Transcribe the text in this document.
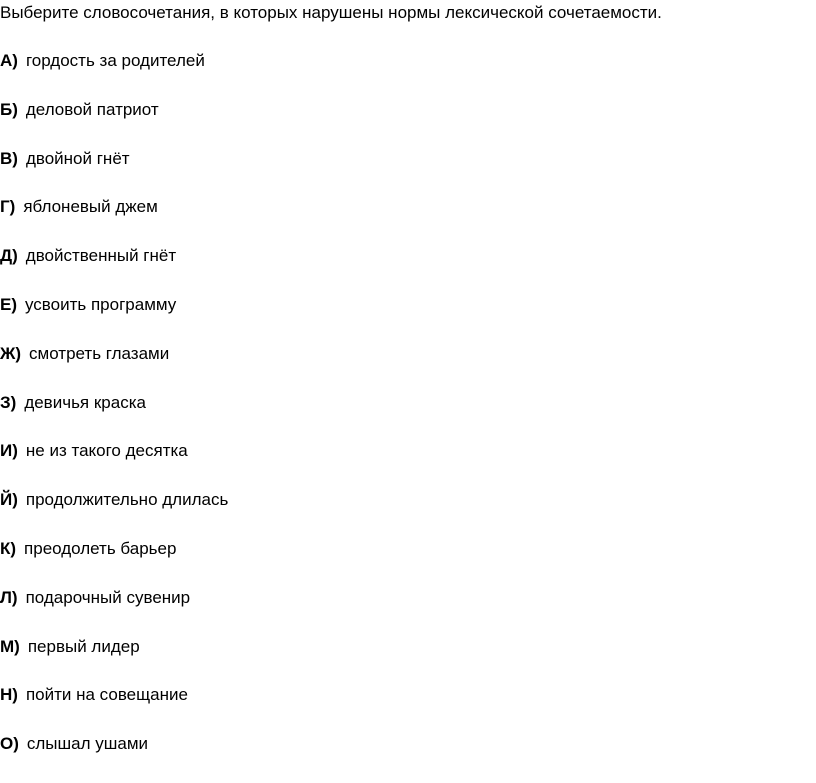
Выберите словосочетания, в которых нарушены нормы лексической сочетаемости.
А) гордость за родителей
Б) деловой патриот
В) двойной гнёт
Г) яблоневый джем
Д) двойственный гнёт
Е) усвоить программу
Ж) смотреть глазами
З) девичья краска
И) не из такого десятка
Й) продолжительно длилась
К) преодолеть барьер
Л) подарочный сувенир
М) первый лидер
Н) пойти на совещание
О) слышал ушами
